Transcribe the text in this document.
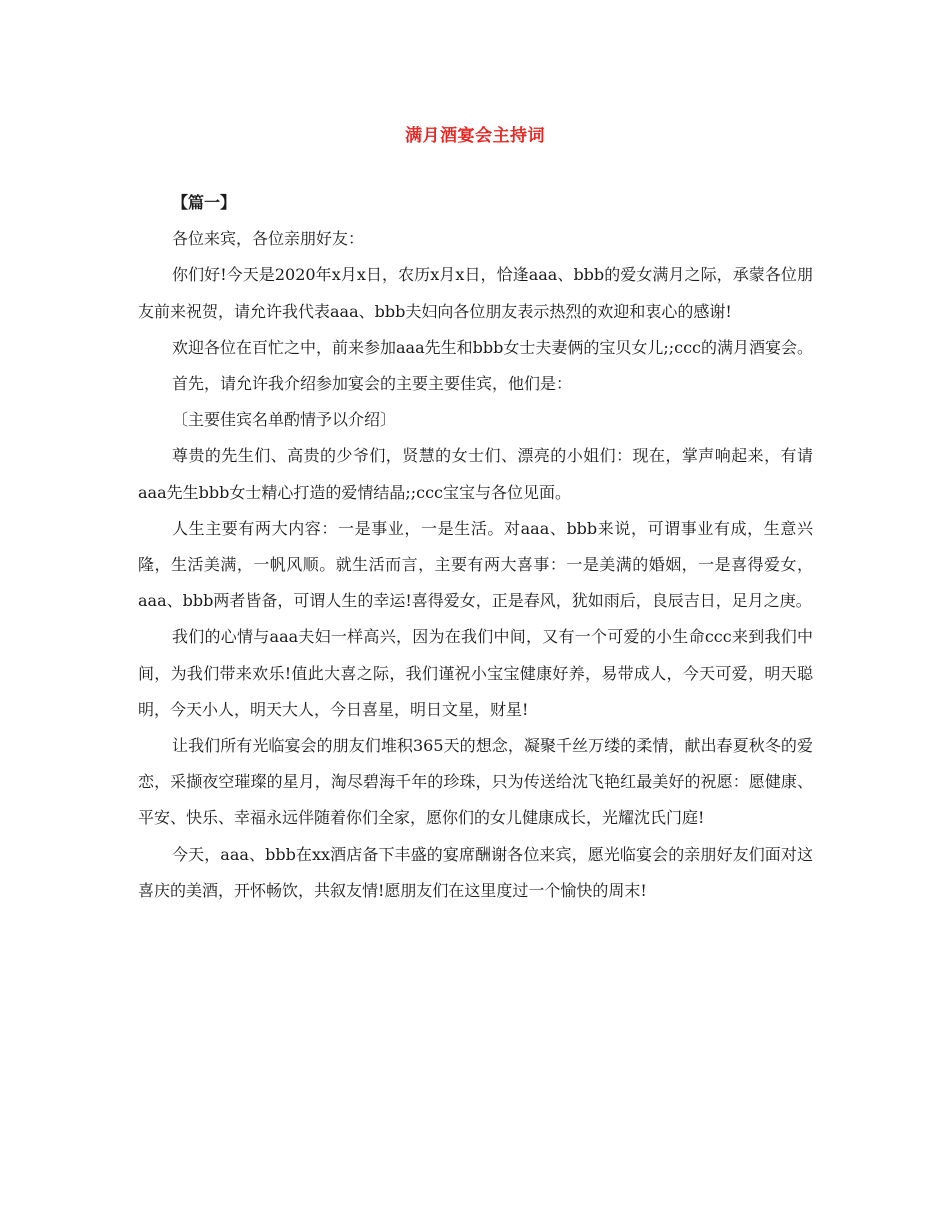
满月酒宴会主持词

【篇一】

各位来宾，各位亲朋好友：

你们好!今天是2020年x月x日，农历x月x日，恰逢aaa、bbb的爱女满月之际，承蒙各位朋友前来祝贺，请允许我代表aaa、bbb夫妇向各位朋友表示热烈的欢迎和衷心的感谢!

欢迎各位在百忙之中，前来参加aaa先生和bbb女士夫妻俩的宝贝女儿;;ccc的满月酒宴会。

首先，请允许我介绍参加宴会的主要主要佳宾，他们是：

〔主要佳宾名单酌情予以介绍〕

尊贵的先生们、高贵的少爷们，贤慧的女士们、漂亮的小姐们：现在，掌声响起来，有请aaa先生bbb女士精心打造的爱情结晶;;ccc宝宝与各位见面。

人生主要有两大内容：一是事业，一是生活。对aaa、bbb来说，可谓事业有成，生意兴隆，生活美满，一帆风顺。就生活而言，主要有两大喜事：一是美满的婚姻，一是喜得爱女，aaa、bbb两者皆备，可谓人生的幸运!喜得爱女，正是春风，犹如雨后，良辰吉日，足月之庚。

我们的心情与aaa夫妇一样高兴，因为在我们中间，又有一个可爱的小生命ccc来到我们中间，为我们带来欢乐!值此大喜之际，我们谨祝小宝宝健康好养，易带成人，今天可爱，明天聪明，今天小人，明天大人，今日喜星，明日文星，财星!

让我们所有光临宴会的朋友们堆积365天的想念，凝聚千丝万缕的柔情，献出春夏秋冬的爱恋，采撷夜空璀璨的星月，淘尽碧海千年的珍珠，只为传送给沈飞艳红最美好的祝愿：愿健康、平安、快乐、幸福永远伴随着你们全家，愿你们的女儿健康成长，光耀沈氏门庭!

今天，aaa、bbb在xx酒店备下丰盛的宴席酬谢各位来宾，愿光临宴会的亲朋好友们面对这喜庆的美酒，开怀畅饮，共叙友情!愿朋友们在这里度过一个愉快的周末!
